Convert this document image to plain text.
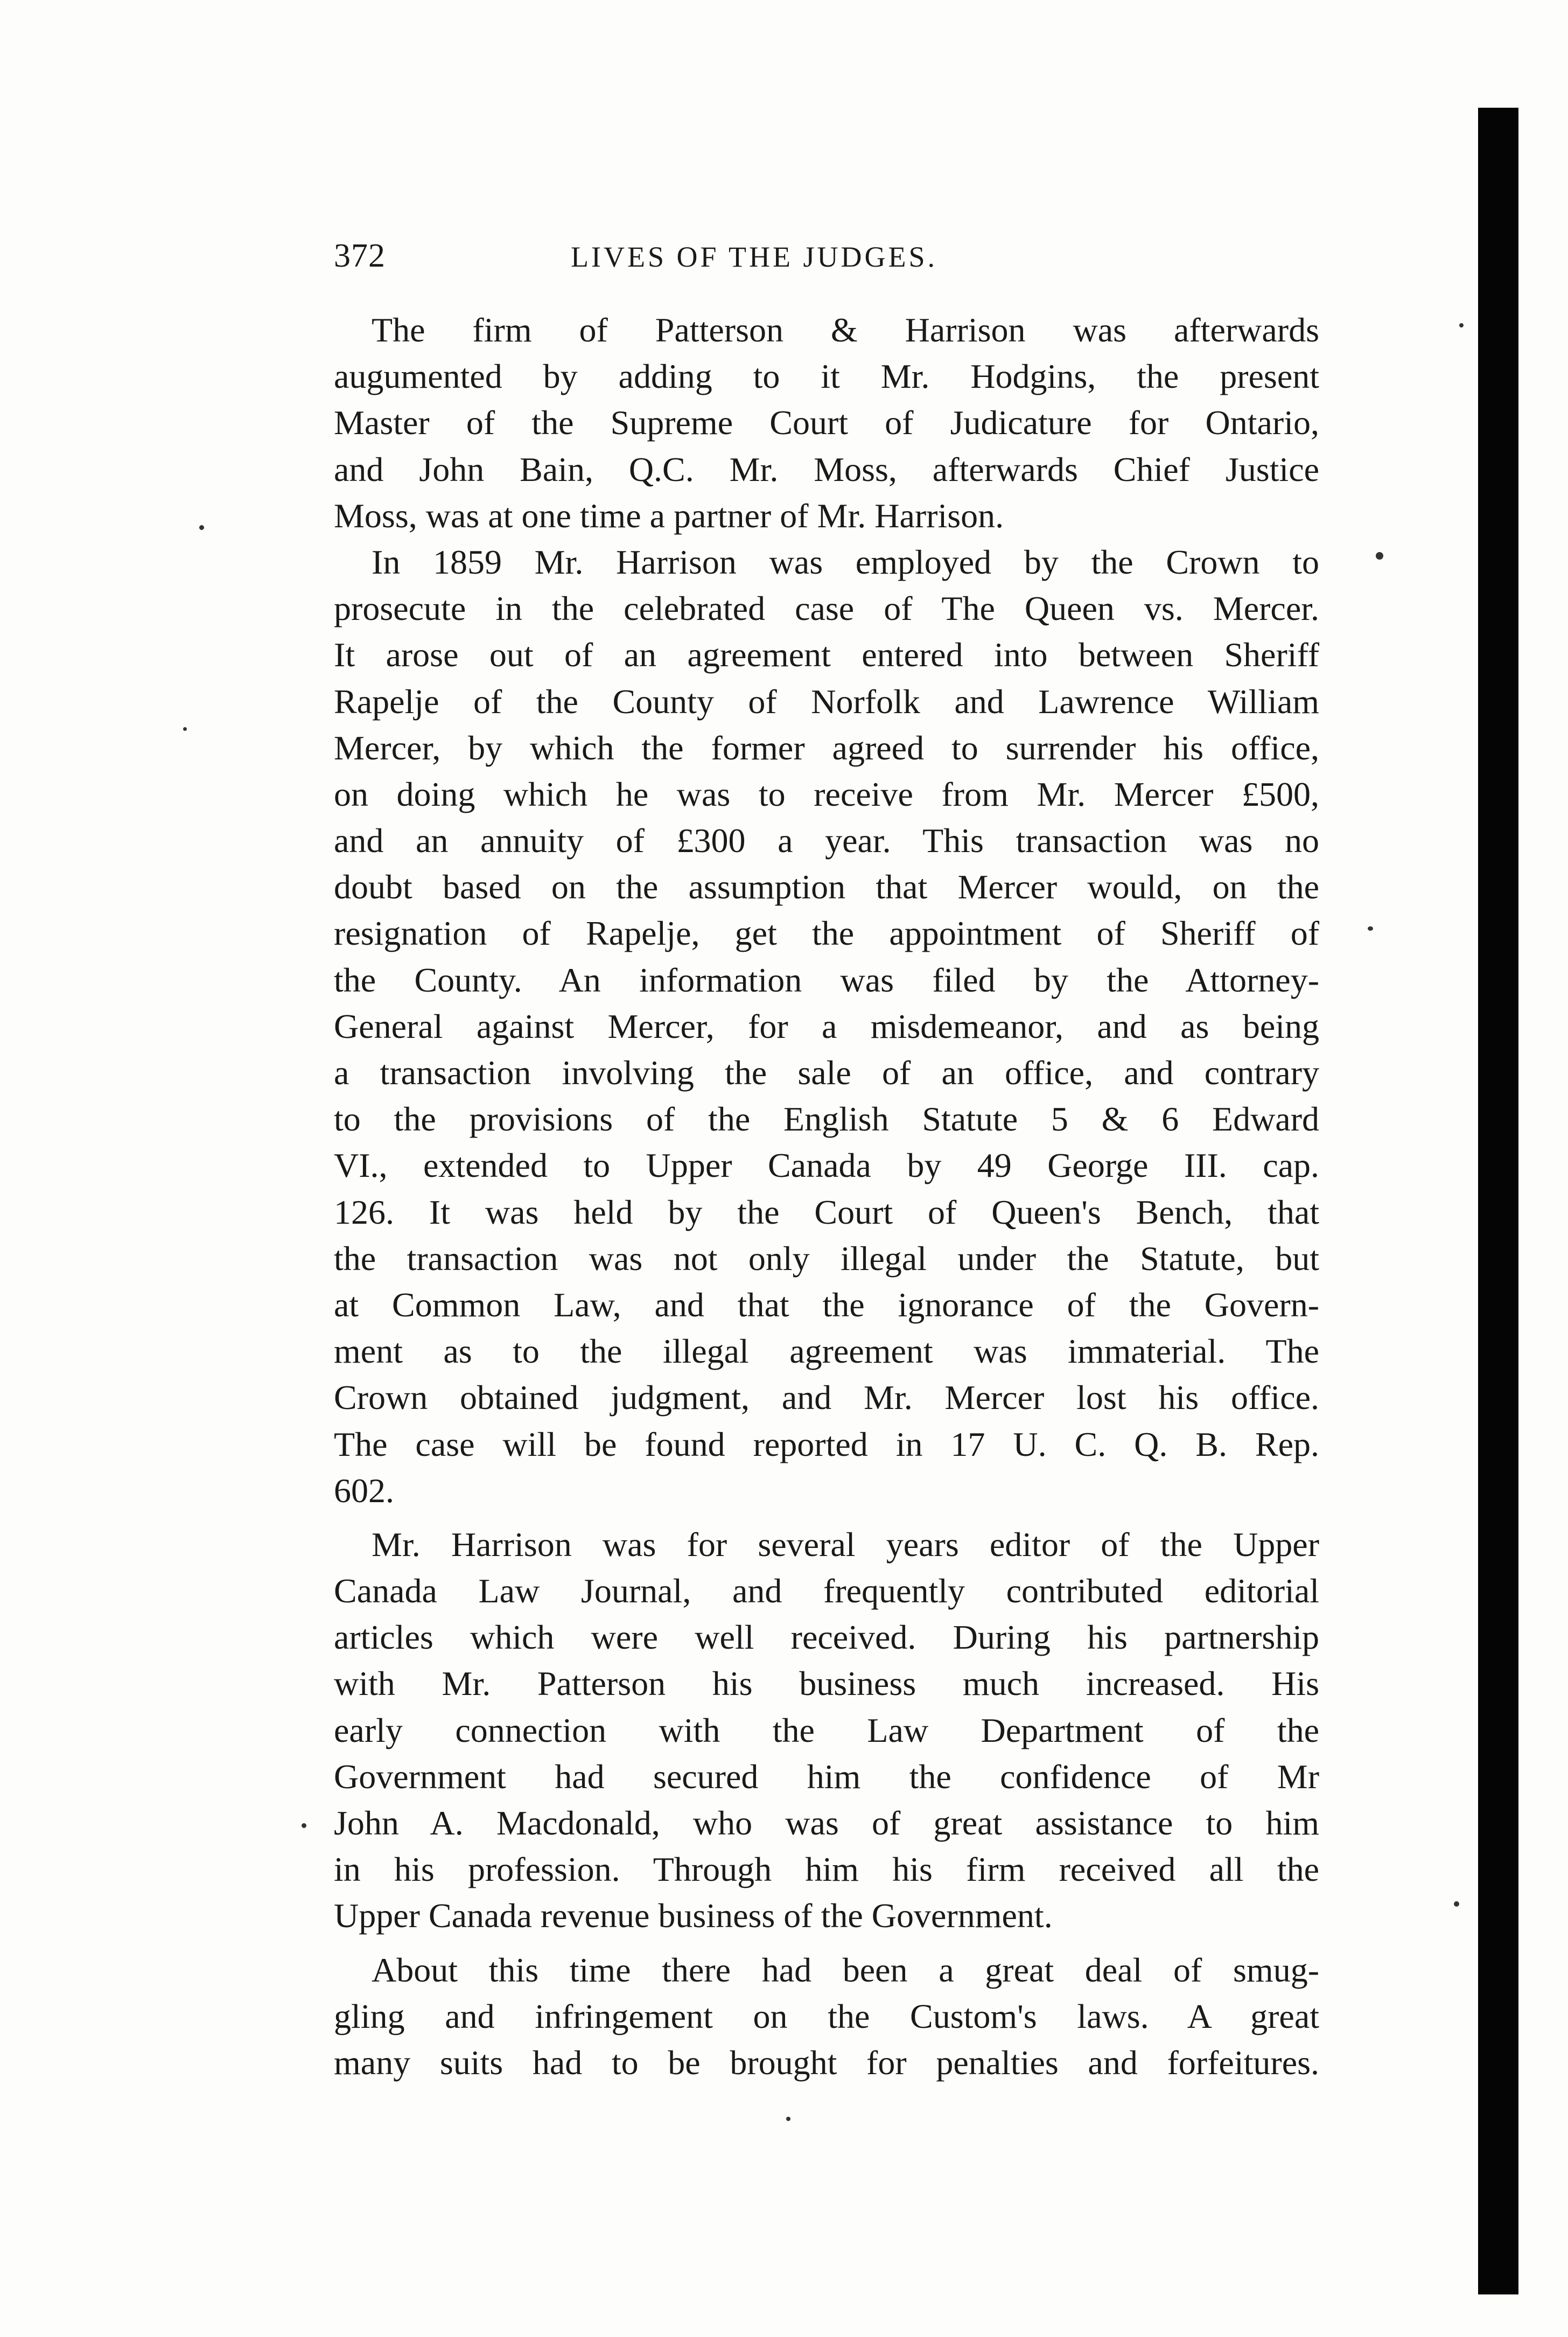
372	LIVES OF THE JUDGES.
The firm of Patterson & Harrison was afterwards
augumented by adding to it Mr. Hodgins, the present
Master of the Supreme Court of Judicature for Ontario,
and John Bain, Q.C. Mr. Moss, afterwards Chief Justice
Moss, was at one time a partner of Mr. Harrison.
In 1859 Mr. Harrison was employed by the Crown to
prosecute in the celebrated case of The Queen vs. Mercer.
It arose out of an agreement entered into between Sheriff
Rapelje of the County of Norfolk and Lawrence William
Mercer, by which the former agreed to surrender his office,
on doing which he was to receive from Mr. Mercer £500,
and an annuity of £300 a year. This transaction was no
doubt based on the assumption that Mercer would, on the
resignation of Rapelje, get the appointment of Sheriff of
the County. An information was filed by the Attorney-
General against Mercer, for a misdemeanor, and as being
a transaction involving the sale of an office, and contrary
to the provisions of the English Statute 5 & 6 Edward
VI., extended to Upper Canada by 49 George III. cap.
126. It was held by the Court of Queen's Bench, that
the transaction was not only illegal under the Statute, but
at Common Law, and that the ignorance of the Govern-
ment as to the illegal agreement was immaterial. The
Crown obtained judgment, and Mr. Mercer lost his office.
The case will be found reported in 17 U. C. Q. B. Rep.
602.
Mr. Harrison was for several years editor of the Upper
Canada Law Journal, and frequently contributed editorial
articles which were well received. During his partnership
with Mr. Patterson his business much increased. His
early connection with the Law Department of the
Government had secured him the confidence of Mr
John A. Macdonald, who was of great assistance to him
in his profession. Through him his firm received all the
Upper Canada revenue business of the Government.
About this time there had been a great deal of smug-
gling and infringement on the Custom's laws. A great
many suits had to be brought for penalties and forfeitures.
